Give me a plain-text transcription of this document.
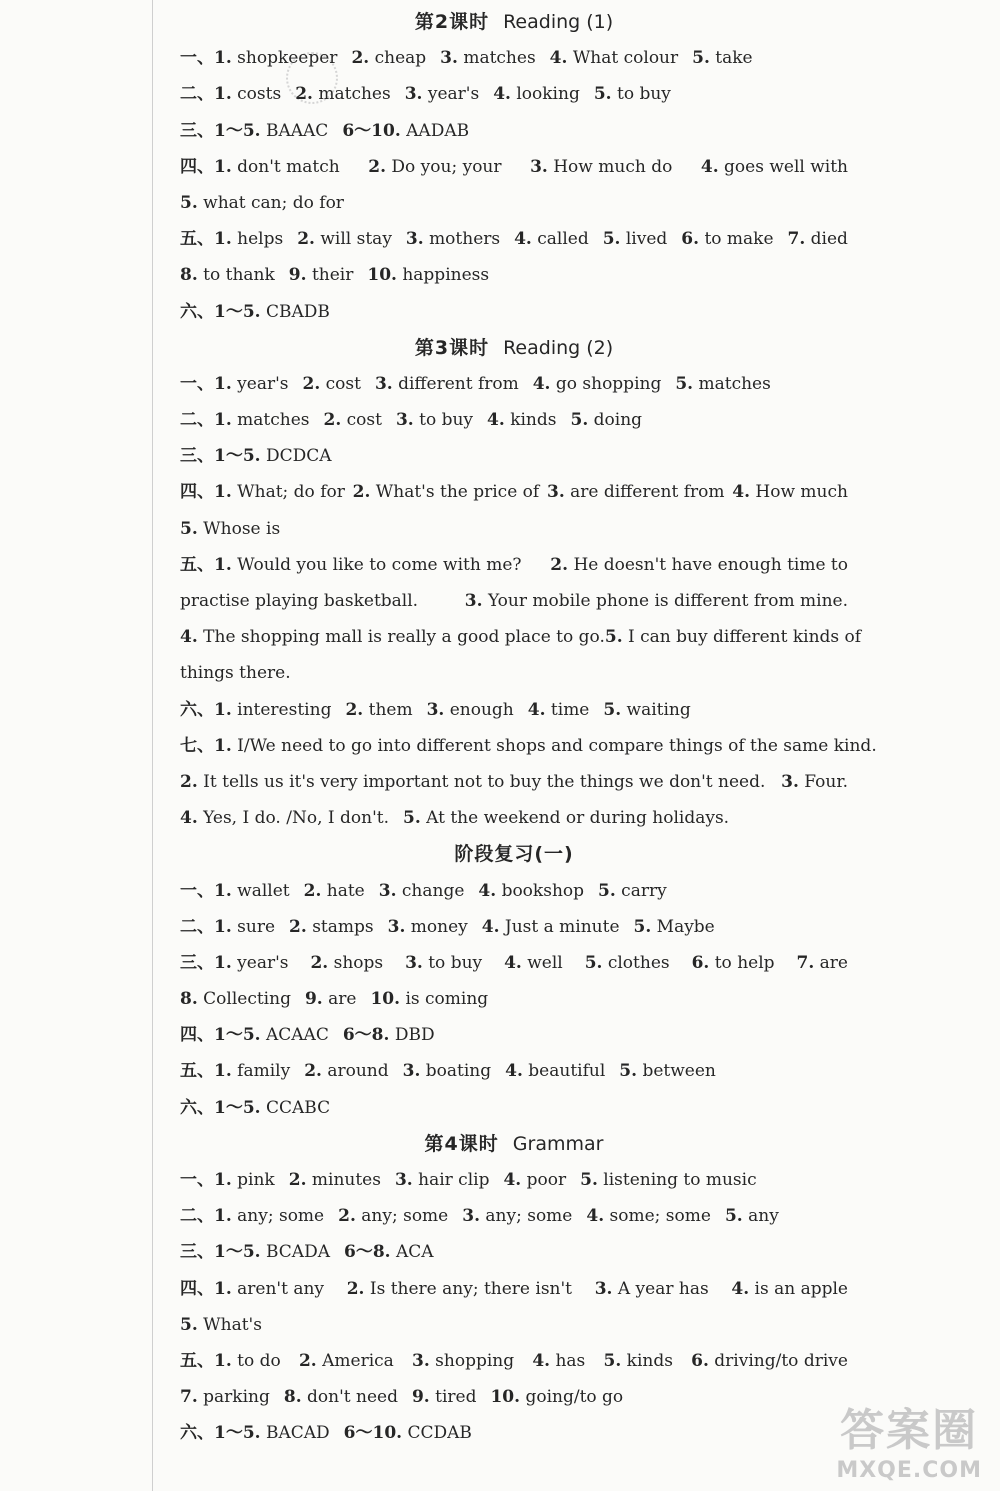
第2课时 Reading (1)
一、1. shopkeeper 2. cheap 3. matches 4. What colour 5. take
二、1. costs 2. matches 3. year's 4. looking 5. to buy
三、1～5. BAAAC 6～10. AADAB
四、1. don't match 2. Do you; your 3. How much do 4. goes well with
5. what can; do for
五、1. helps 2. will stay 3. mothers 4. called 5. lived 6. to make 7. died
8. to thank 9. their 10. happiness
六、1～5. CBADB
第3课时 Reading (2)
一、1. year's 2. cost 3. different from 4. go shopping 5. matches
二、1. matches 2. cost 3. to buy 4. kinds 5. doing
三、1～5. DCDCA
四、1. What; do for 2. What's the price of 3. are different from 4. How much
5. Whose is
五、1. Would you like to come with me? 2. He doesn't have enough time to
practise playing basketball.	3. Your mobile phone is different from mine.
4. The shopping mall is really a good place to go. 5. I can buy different kinds of
things there.
六、1. interesting 2. them 3. enough 4. time 5. waiting
七、1. I/We need to go into different shops and compare things of the same kind.
2. It tells us it's very important not to buy the things we don't need. 3. Four.
4. Yes, I do. /No, I don't. 5. At the weekend or during holidays.
阶段复习(一)
一、1. wallet 2. hate 3. change 4. bookshop 5. carry
二、1. sure 2. stamps 3. money 4. Just a minute 5. Maybe
三、1. year's 2. shops 3. to buy 4. well 5. clothes 6. to help 7. are
8. Collecting 9. are 10. is coming
四、1～5. ACAAC 6～8. DBD
五、1. family 2. around 3. boating 4. beautiful 5. between
六、1～5. CCABC
第4课时 Grammar
一、1. pink 2. minutes 3. hair clip 4. poor 5. listening to music
二、1. any; some 2. any; some 3. any; some 4. some; some 5. any
三、1～5. BCADA 6～8. ACA
四、1. aren't any 2. Is there any; there isn't 3. A year has 4. is an apple
5. What's
五、1. to do 2. America 3. shopping 4. has 5. kinds 6. driving/to drive
7. parking 8. don't need 9. tired 10. going/to go
六、1～5. BACAD 6～10. CCDAB	答案圈
MXQE.COM
